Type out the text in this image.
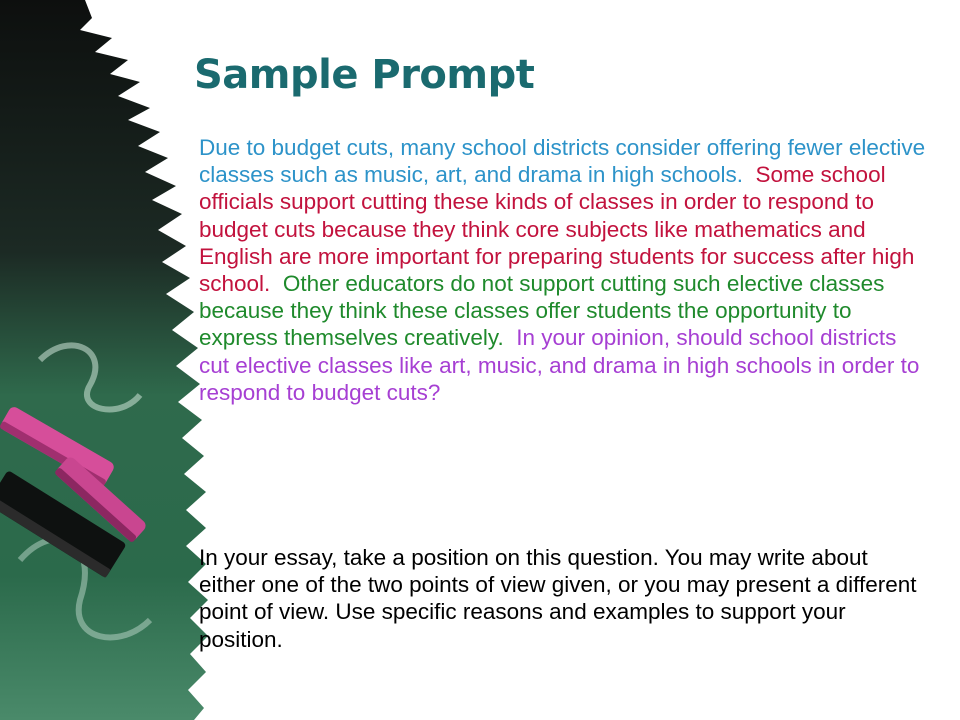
Sample Prompt

Due to budget cuts, many school districts consider offering fewer elective classes such as music, art, and drama in high schools. Some school officials support cutting these kinds of classes in order to respond to budget cuts because they think core subjects like mathematics and English are more important for preparing students for success after high school. Other educators do not support cutting such elective classes because they think these classes offer students the opportunity to express themselves creatively. In your opinion, should school districts cut elective classes like art, music, and drama in high schools in order to respond to budget cuts?

In your essay, take a position on this question. You may write about either one of the two points of view given, or you may present a different point of view. Use specific reasons and examples to support your position.
